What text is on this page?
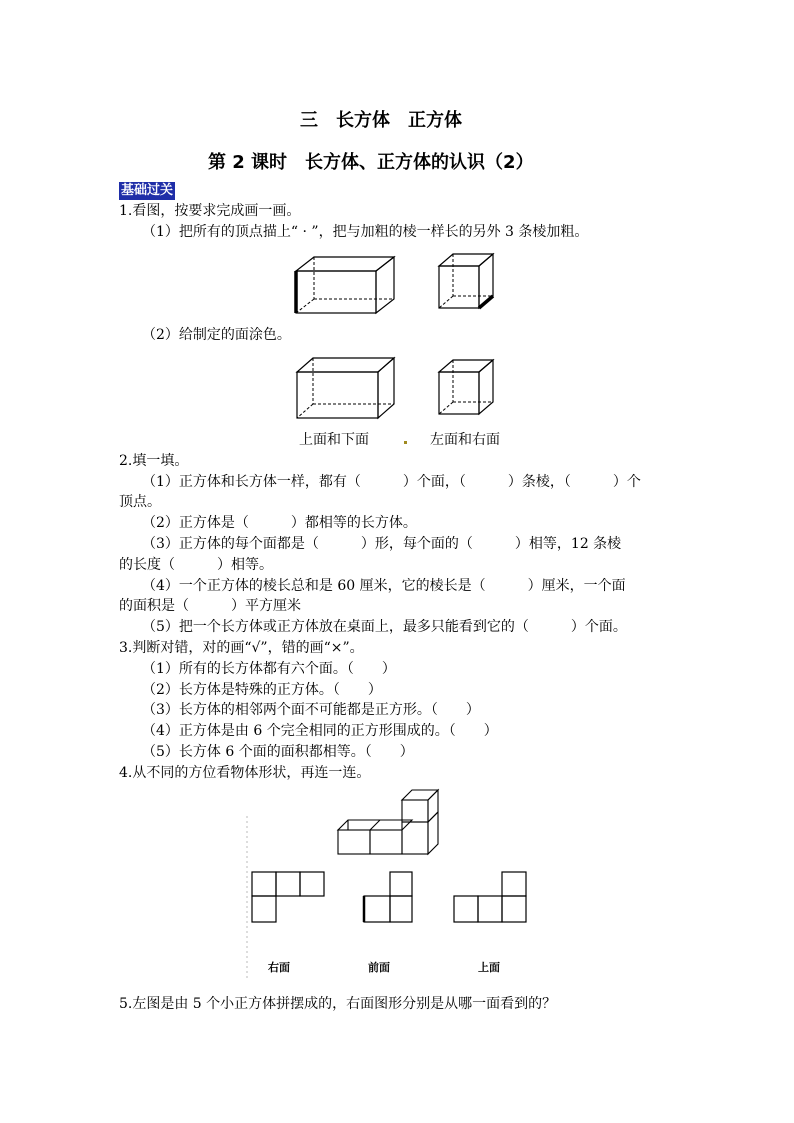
三　长方体　正方体
第 2 课时　长方体、正方体的认识（2）
基础过关
1.看图，按要求完成画一画。
（1）把所有的顶点描上“ · ”，把与加粗的棱一样长的另外 3 条棱加粗。
（2）给制定的面涂色。
上面和下面	左面和右面
2.填一填。
（1）正方体和长方体一样，都有（　　　）个面，（　　　）条棱，（　　　）个
顶点。
（2）正方体是（　　　）都相等的长方体。
（3）正方体的每个面都是（　　　）形，每个面的（　　　）相等，12 条棱
的长度（　　　）相等。
（4）一个正方体的棱长总和是 60 厘米，它的棱长是（　　　）厘米，一个面
的面积是（　　　）平方厘米
（5）把一个长方体或正方体放在桌面上，最多只能看到它的（　　　）个面。
3.判断对错，对的画“√”，错的画“×”。
（1）所有的长方体都有六个面。（　　）
（2）长方体是特殊的正方体。（　　）
（3）长方体的相邻两个面不可能都是正方形。（　　）
（4）正方体是由 6 个完全相同的正方形围成的。（　　）
（5）长方体 6 个面的面积都相等。（　　）
4.从不同的方位看物体形状，再连一连。
右面	前面	上面
5.左图是由 5 个小正方体拼摆成的，右面图形分别是从哪一面看到的？
